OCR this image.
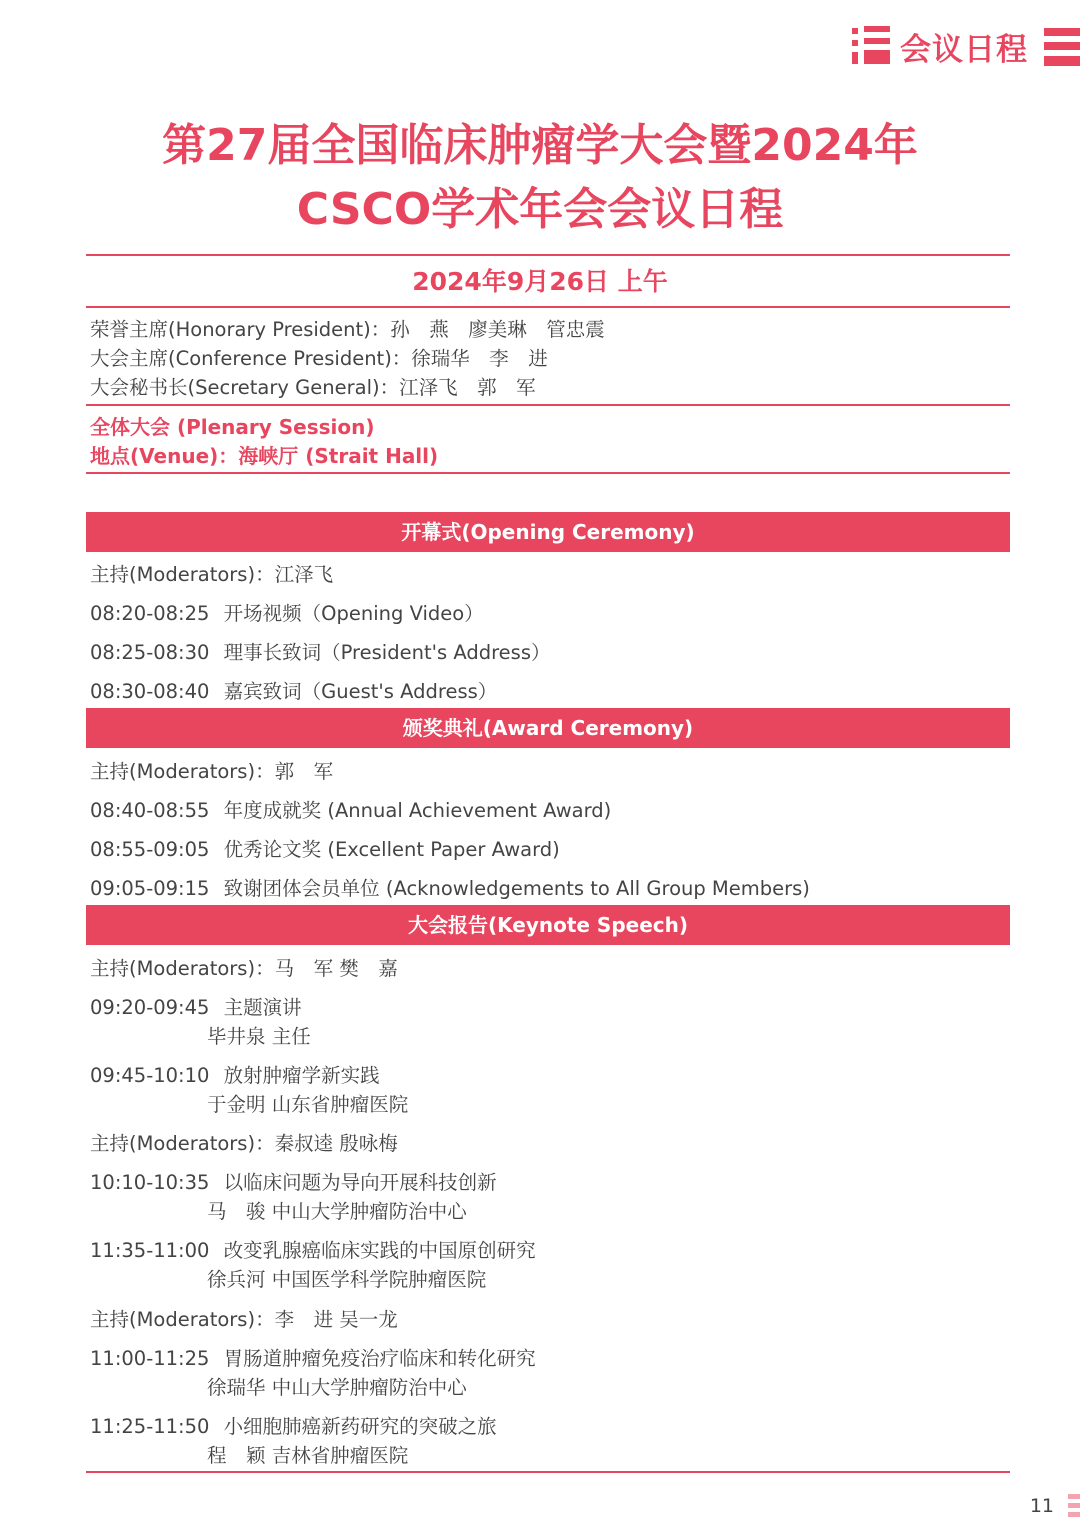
会议日程
第27届全国临床肿瘤学大会暨2024年
CSCO学术年会会议日程
2024年9月26日 上午
荣誉主席(Honorary President)：孙　燕　廖美琳　管忠震
大会主席(Conference President)：徐瑞华　李　进
大会秘书长(Secretary General)：江泽飞　郭　军
全体大会 (Plenary Session)
地点(Venue)：海峡厅 (Strait Hall)
开幕式(Opening Ceremony)
主持(Moderators)：江泽飞
08:20-08:25 开场视频（Opening Video）
08:25-08:30 理事长致词（President's Address）
08:30-08:40 嘉宾致词（Guest's Address）
颁奖典礼(Award Ceremony)
主持(Moderators)：郭　军
08:40-08:55 年度成就奖 (Annual Achievement Award)
08:55-09:05 优秀论文奖 (Excellent Paper Award)
09:05-09:15 致谢团体会员单位 (Acknowledgements to All Group Members)
大会报告(Keynote Speech)
主持(Moderators)：马　军 樊　嘉
09:20-09:45 主题演讲
毕井泉 主任
09:45-10:10 放射肿瘤学新实践
于金明 山东省肿瘤医院
主持(Moderators)：秦叔逵 殷咏梅
10:10-10:35 以临床问题为导向开展科技创新
马　骏 中山大学肿瘤防治中心
11:35-11:00 改变乳腺癌临床实践的中国原创研究
徐兵河 中国医学科学院肿瘤医院
主持(Moderators)：李　进 吴一龙
11:00-11:25 胃肠道肿瘤免疫治疗临床和转化研究
徐瑞华 中山大学肿瘤防治中心
11:25-11:50 小细胞肺癌新药研究的突破之旅
程　颖 吉林省肿瘤医院
11
